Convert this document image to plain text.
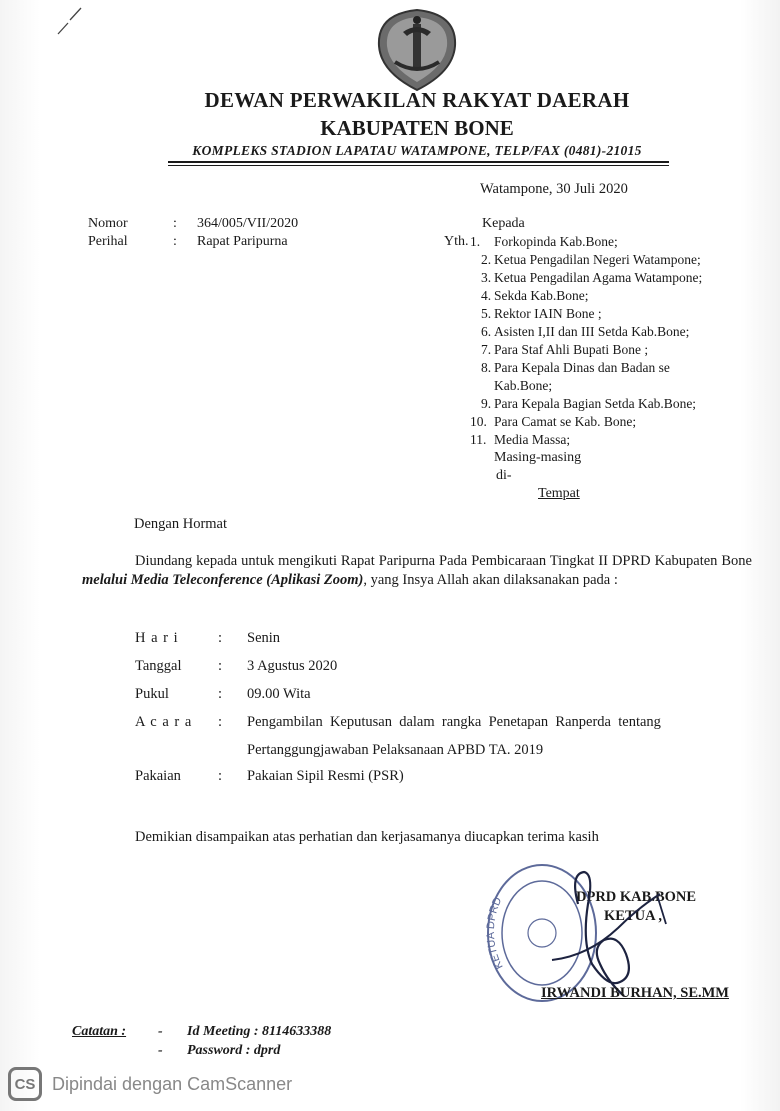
DEWAN PERWAKILAN RAKYAT DAERAH
KABUPATEN BONE
KOMPLEKS STADION LAPATAU WATAMPONE, TELP/FAX (0481)-21015
Watampone, 30 Juli 2020
Nomor	: 364/005/VII/2020
Perihal	: Rapat Paripurna
Kepada
Yth. 1. Forkopinda Kab.Bone;
2. Ketua Pengadilan Negeri Watampone;
3. Ketua Pengadilan Agama Watampone;
4. Sekda Kab.Bone;
5. Rektor IAIN Bone ;
6. Asisten I,II dan III Setda Kab.Bone;
7. Para Staf Ahli Bupati Bone ;
8. Para Kepala Dinas dan Badan se
Kab.Bone;
9. Para Kepala Bagian Setda Kab.Bone;
10. Para Camat se Kab. Bone;
11. Media Massa;
Masing-masing
di-
Tempat
Dengan Hormat
Diundang kepada untuk mengikuti Rapat Paripurna Pada Pembicaraan Tingkat II DPRD Kabupaten Bone melalui Media Teleconference (Aplikasi Zoom), yang Insya Allah akan dilaksanakan pada :
H a r i	: Senin
Tanggal	: 3 Agustus 2020
Pukul	: 09.00 Wita
A c a r a : Pengambilan  Keputusan  dalam  rangka  Penetapan  Ranperda  tentang
Pertanggungjawaban Pelaksanaan APBD TA. 2019
Pakaian	: Pakaian Sipil Resmi (PSR)
Demikian disampaikan atas perhatian dan kerjasamanya diucapkan terima kasih
KETUA DPRD	DPRD KAB.BONE
KETUA ,
IRWANDI BURHAN, SE.MM
Catatan : - Id Meeting : 8114633388
- Password : dprd
CS Dipindai dengan CamScanner
